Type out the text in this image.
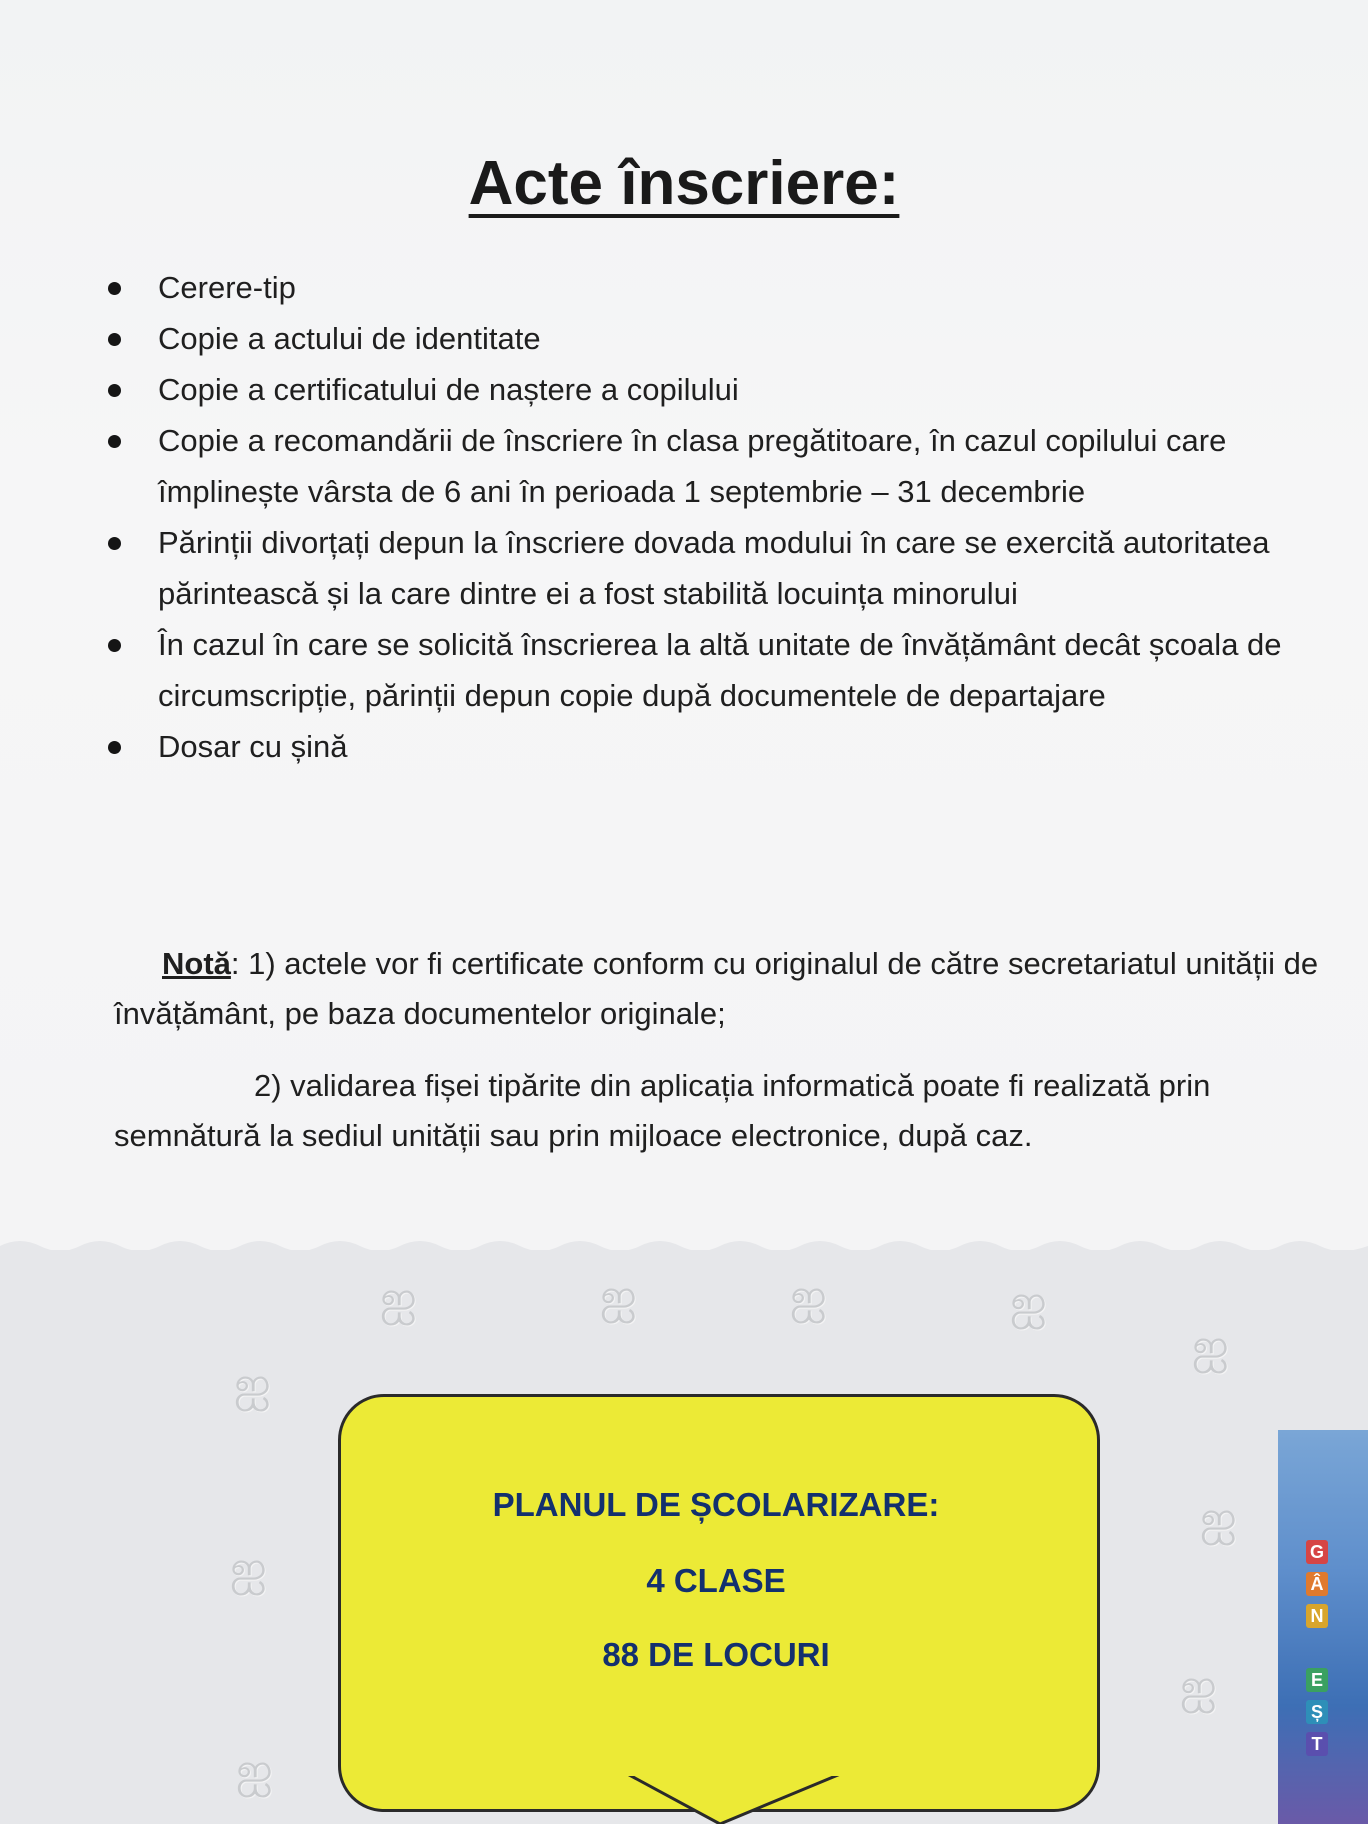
Acte înscriere:
Cerere-tip
Copie a actului de identitate
Copie a certificatului de naștere a copilului
Copie a recomandării de înscriere în clasa pregătitoare, în cazul copilului care împlinește vârsta de 6 ani în perioada 1 septembrie – 31 decembrie
Părinții divorțați depun la înscriere dovada modului în care se exercită autoritatea părintească și la care dintre ei a fost stabilită locuința minorului
În cazul în care se solicită înscrierea la altă unitate de învățământ decât școala de circumscripție, părinții depun copie după documentele de departajare
Dosar cu șină

Notă: 1) actele vor fi certificate conform cu originalul de către secretariatul unității de învățământ, pe baza documentelor originale;

2) validarea fișei tipărite din aplicația informatică poate fi realizată prin semnătură la sediul unității sau prin mijloace electronice, după caz.

ஐ	ஐ	ஐ	ஐ
ஐ
ஐ
ஐ
ஐ
ஐ
ஐ
PLANUL DE ȘCOLARIZARE:
4 CLASE
88 DE LOCURI
G
Â
N
E
Ș
T
